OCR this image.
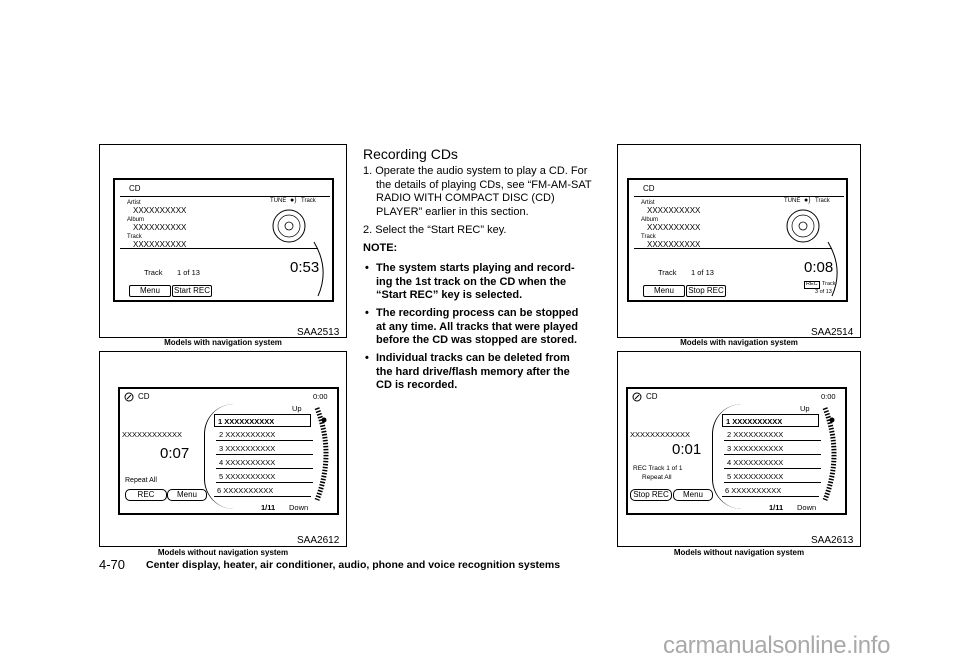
CD
Artist
XXXXXXXXXX
Album
XXXXXXXXXX
Track
XXXXXXXXXX
TUNE ●​) Track
Track 1 of 13	0:53
Menu	Start REC
SAA2513
Models with navigation system
CD	0:00
Up
1 XXXXXXXXXX
2 XXXXXXXXXX
3 XXXXXXXXXX
4 XXXXXXXXXX
5 XXXXXXXXXX
6 XXXXXXXXXX
XXXXXXXXXXXX
0:07
Repeat All
REC	Menu
1/11 Down
SAA2612
Models without navigation system
Recording CDs
1. Operate the audio system to play a CD. For
the details of playing CDs, see “FM-AM-SAT
RADIO WITH COMPACT DISC (CD)
PLAYER” earlier in this section.
2. Select the “Start REC” key.
NOTE:
• The system starts playing and record-
ing the 1st track on the CD when the
“Start REC” key is selected.
• The recording process can be stopped
at any time. All tracks that were played
before the CD was stopped are stored.
• Individual tracks can be deleted from
the hard drive/flash memory after the
CD is recorded.
CD
Artist
XXXXXXXXXX
Album
XXXXXXXXXX
Track
XXXXXXXXXX
TUNE ●​) Track
Track 1 of 13	0:08
Menu	Stop REC
REC Track
3 of 13
SAA2514
Models with navigation system
CD	0:00
Up
1 XXXXXXXXXX
2 XXXXXXXXXX
3 XXXXXXXXXX
4 XXXXXXXXXX
5 XXXXXXXXXX
6 XXXXXXXXXX
XXXXXXXXXXXX
0:01
REC Track 1 of 1
Repeat All
Stop REC	Menu
1/11 Down
SAA2613
Models without navigation system
4-70 Center display, heater, air conditioner, audio, phone and voice recognition systems
carmanualsonline.info
